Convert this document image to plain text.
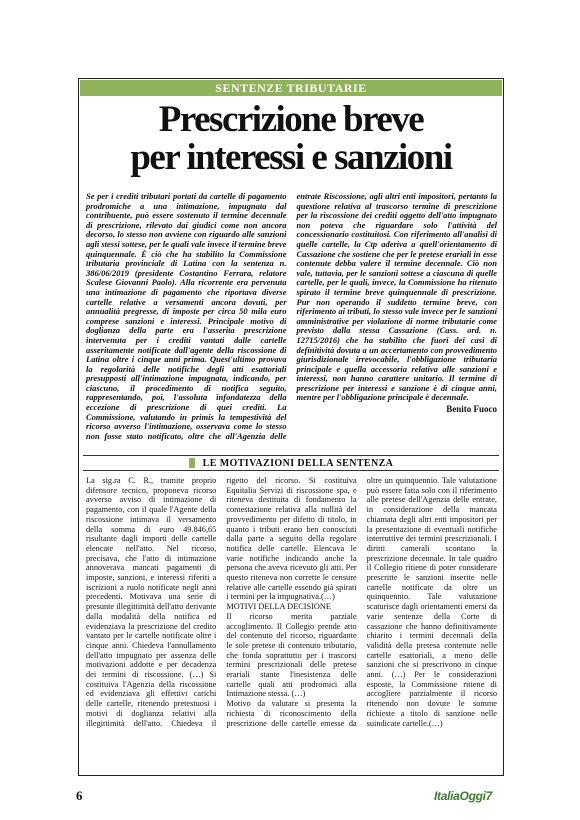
SENTENZE TRIBUTARIE
Prescrizione breve
per interessi e sanzioni
Se per i crediti tributari portati da cartelle di pagamento prodromiche a una intimazione, impugnata dal contribuente, può essere sostenuto il termine decennale di prescrizione, rilevato dai giudici come non ancora decorso, lo stesso non avviene con riguardo alle sanzioni agli stessi sottese, per le quali vale invece il termine breve quinquennale. È ciò che ha stabilito la Commissione tributaria provinciale di Latina con la sentenza n. 386/06/2019 (presidente Costantino Ferrara, relatore Scalese Giovanni Paolo). Alla ricorrente era pervenuta una intimazione di pagamento che riportava diverse cartelle relative a versamenti ancora dovuti, per annualità pregresse, di imposte per circa 50 mila euro comprese sanzioni e interessi. Principale motivo di doglianza della parte era l'asserita prescrizione intervenuta per i crediti vantati dalle cartelle asseritamente notificate dall'agente della riscossione di Latina oltre i cinque anni prima. Quest'ultimo provava la regolarità delle notifiche degli atti esattoriali presupposti all'intimazione impugnata, indicando, per ciascuno, il procedimento di notifica seguito, rappresentando, poi, l'assoluta infondatezza della eccezione di prescrizione di quei crediti. La Commissione, valutando in primis la tempestività del ricorso avverso l'intimazione, osservava come lo stesso non fosse stato notificato, oltre che all'Agenzia delle entrate Riscossione, agli altri enti impositori, pertanto la questione relativa al trascorso termine di prescrizione per la riscossione dei crediti oggetto dell'atto impugnato non poteva che riguardare solo l'attività del concessionario costituitosi. Con riferimento all'analisi di quelle cartelle, la Ctp aderiva a quell'orientamento di Cassazione che sostiene che per le pretese erariali in esse contenute debba valere il termine decennale. Ciò non vale, tuttavia, per le sanzioni sottese a ciascuna di quelle cartelle, per le quali, invece, la Commissione ha ritenuto spirato il termine breve quinquennale di prescrizione. Pur non operando il suddetto termine breve, con riferimento ai tributi, lo stesso vale invece per le sanzioni amministrative per violazione di norme tributarie come previsto dalla stessa Cassazione (Cass. ord. n. 12715/2016) che ha stabilito che fuori dei casi di definitività dovuta a un accertamento con provvedimento giurisdizionale irrevocabile, l'obbligazione tributaria principale e quella accessoria relativa alle sanzioni e interessi, non hanno carattere unitario. Il termine di prescrizione per interessi e sanzione è di cinque anni, mentre per l'obbligazione principale è decennale.
Benito Fuoco
LE MOTIVAZIONI DELLA SENTENZA

La sig.ra C. R., tramite proprio difensore tecnico, proponeva ricorso avverso avviso di intimazione di pagamento, con il quale l'Agente della riscossione intimava il versamento della somma di euro 49.846,65 risultante dagli importi delle cartelle elencate nell'atto. Nel ricorso, precisava, che l'atto di intimazione annoverava mancati pagamenti di imposte, sanzioni, e interessi riferiti a iscrizioni a ruolo notificate negli anni precedenti. Motivava una serie di presunte illegittimità dell'atto derivante dalla modalità della notifica ed evidenziava la prescrizione del credito vantato per le cartelle notificate oltre i cinque anni. Chiedeva l'annullamento dell'atto impugnato per assenza delle motivazioni addotte e per decadenza dei termini di riscossione. (…) Si costituiva l'Agenzia della riscossione ed evidenziava gli effettivi carichi delle cartelle, ritenendo pretestuosi i motivi di doglianza relativi alla illegittimità dell'atto. Chiedeva il rigetto del ricorso. Si costituiva Equitalia Servizi di riscossione spa, e riteneva destituita di fondamento la contestazione relativa alla nullità del provvedimento per difetto di titolo, in quanto i tributi erano ben conosciuti dalla parte a seguito della regolare notifica delle cartelle. Elencava le varie notifiche indicando anche la persona che aveva ricevuto gli atti. Per questo riteneva non corrette le censure relative alle cartelle essendo già spirati i termini per la impugnativa.(…)

MOTIVI DELLA DECISIONE

Il ricorso merita parziale accoglimento. Il Collegio prende atto del contenuto del ricorso, riguardante le sole pretese di contenuto tributario, che fonda soprattutto per i trascorsi termini prescrizionali delle pretese erariali stante l'inesistenza delle cartelle quali atti prodromici alla Intimazione stessa. (…)

Motivo da valutare si presenta la richiesta di riconoscimento della prescrizione delle cartelle emesse da oltre un quinquennio. Tale valutazione può essere fatta solo con il riferimento alle pretese dell'Agenzia delle entrate, in considerazione della mancata chiamata degli altri enti impositori per la presentazione di eventuali notifiche interruttive dei termini prescrizionali. I diritti camerali scontano la prescrizione decennale. In tale quadro il Collegio ritiene di poter considerare prescritte le sanzioni inserite nelle cartelle notificate da oltre un quinquennio. Tale valutazione scaturisce dagli orientamenti emersi da varie sentenze della Corte di cassazione che hanno definitivamente chiarito i termini decennali della validità della pretesa contenute nelle cartelle esattoriali, a meno delle sanzioni che si prescrivono in cinque anni. (…) Per le considerazioni esposte, la Commissione ritiene di accogliere parzialmente il ricorso ritenendo non dovute le somme richieste a titolo di sanzione nelle suindicate cartelle.(…)

6	ItaliaOggi7
